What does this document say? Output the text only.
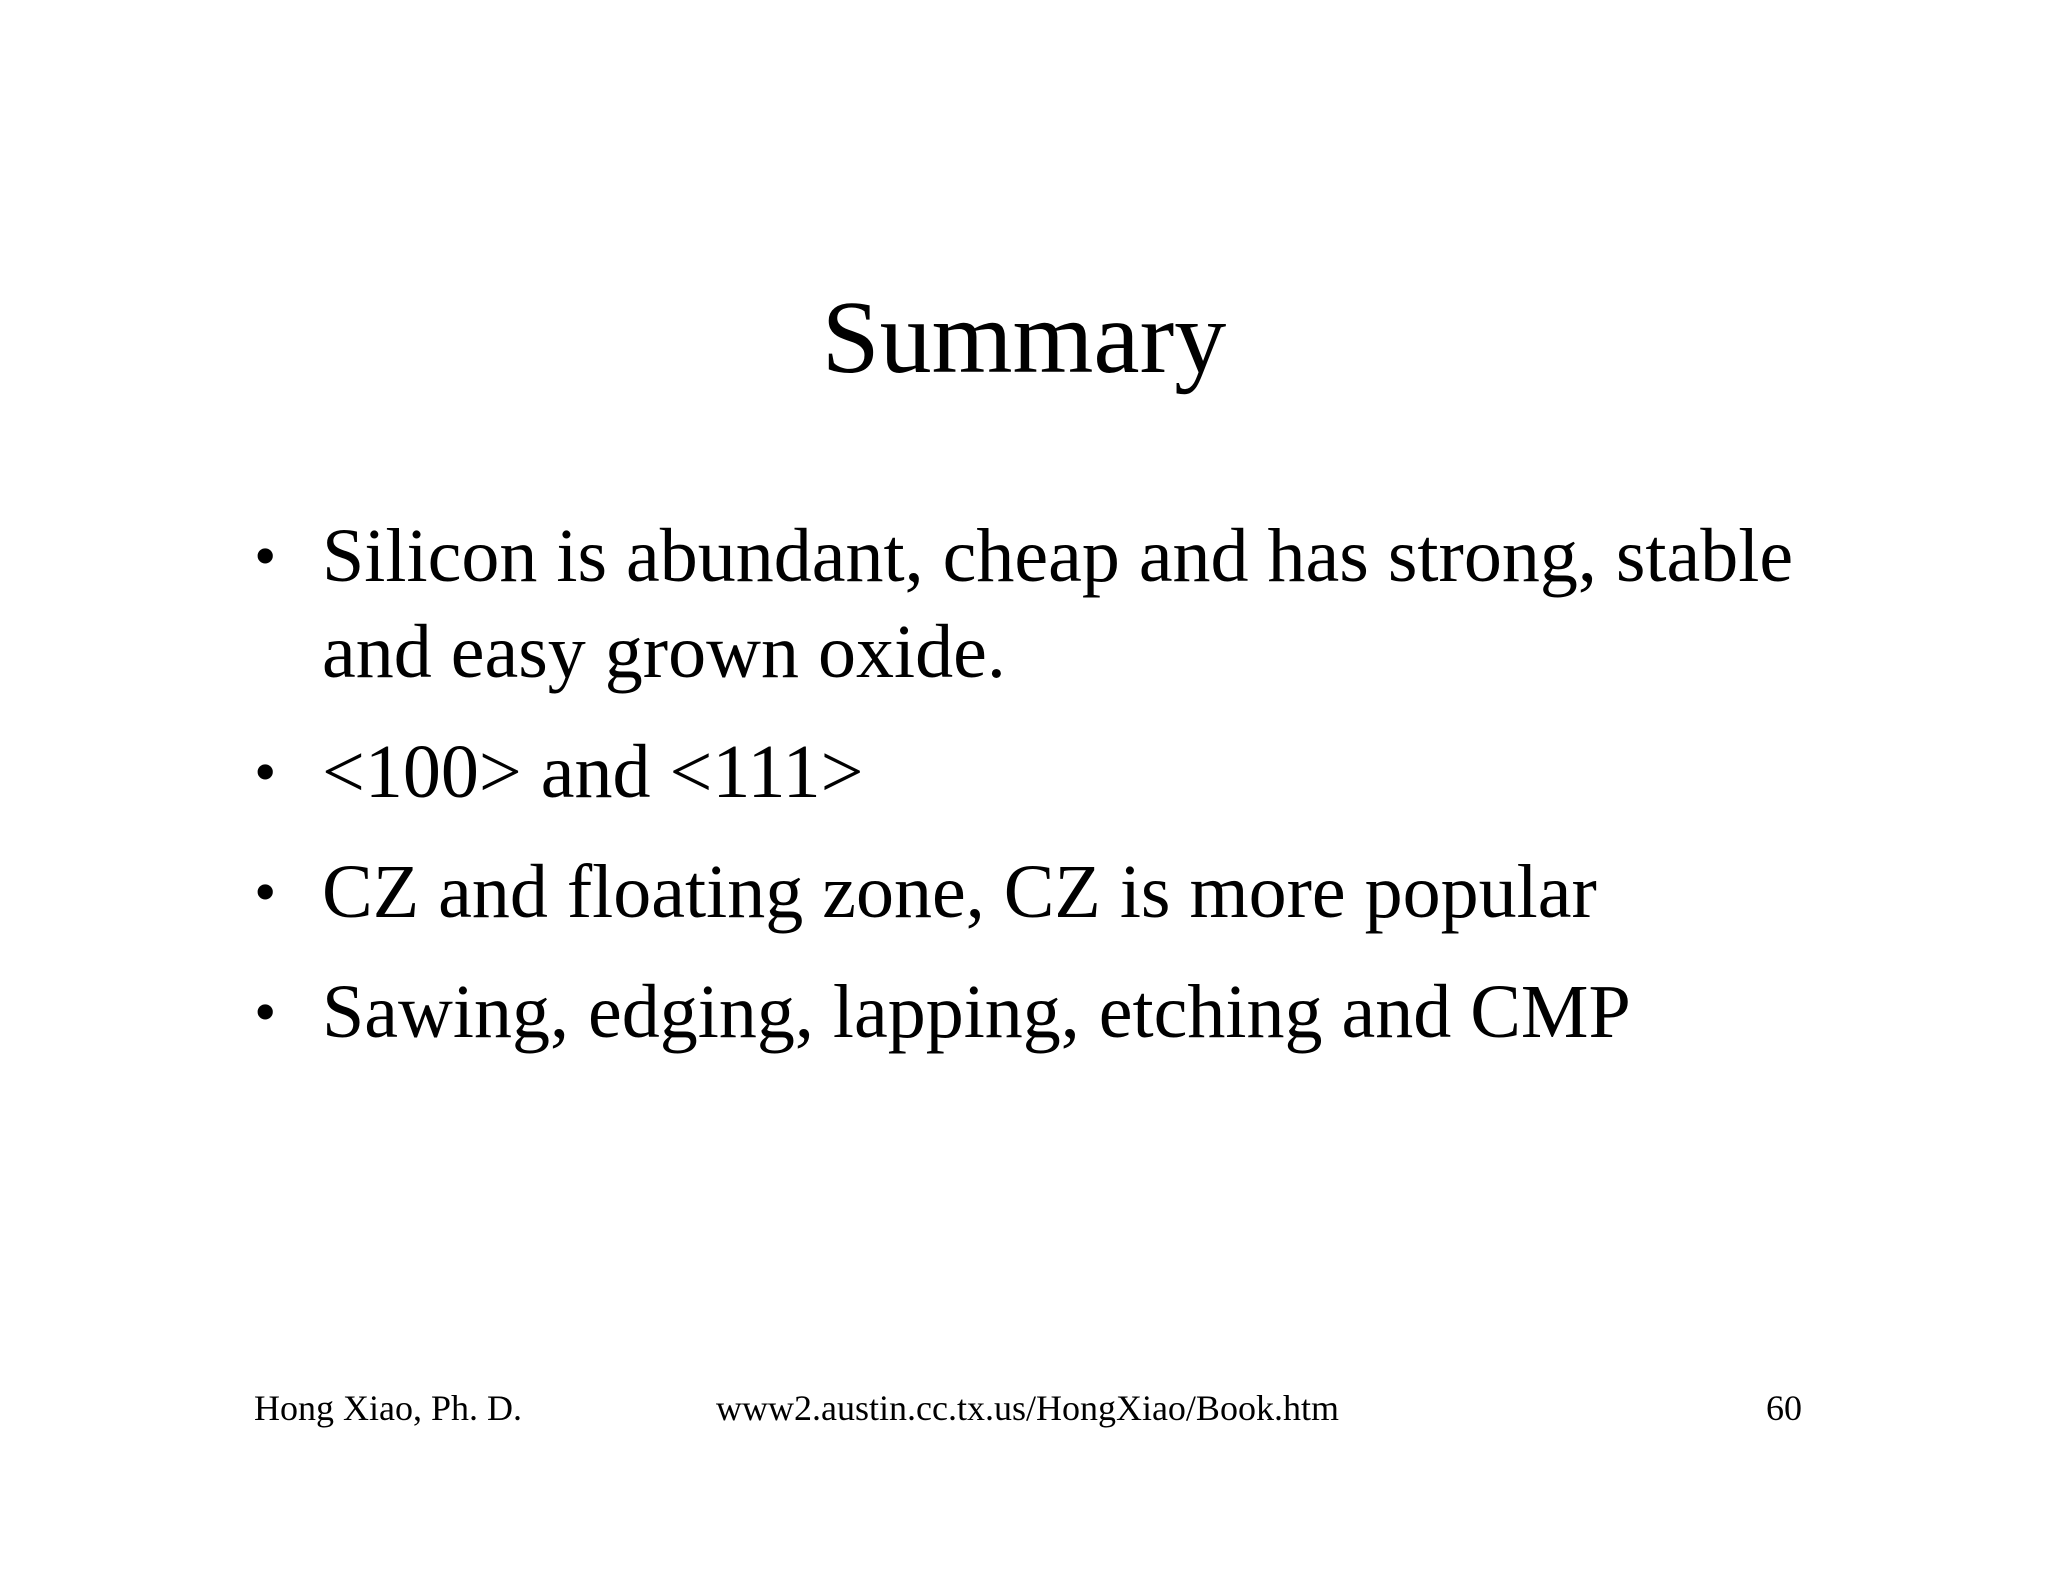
Summary
• Silicon is abundant, cheap and has strong, stable and easy grown oxide.
• <100> and <111>
• CZ and floating zone, CZ is more popular
• Sawing, edging, lapping, etching and CMP
Hong Xiao, Ph. D.	www2.austin.cc.tx.us/HongXiao/Book.htm	60
